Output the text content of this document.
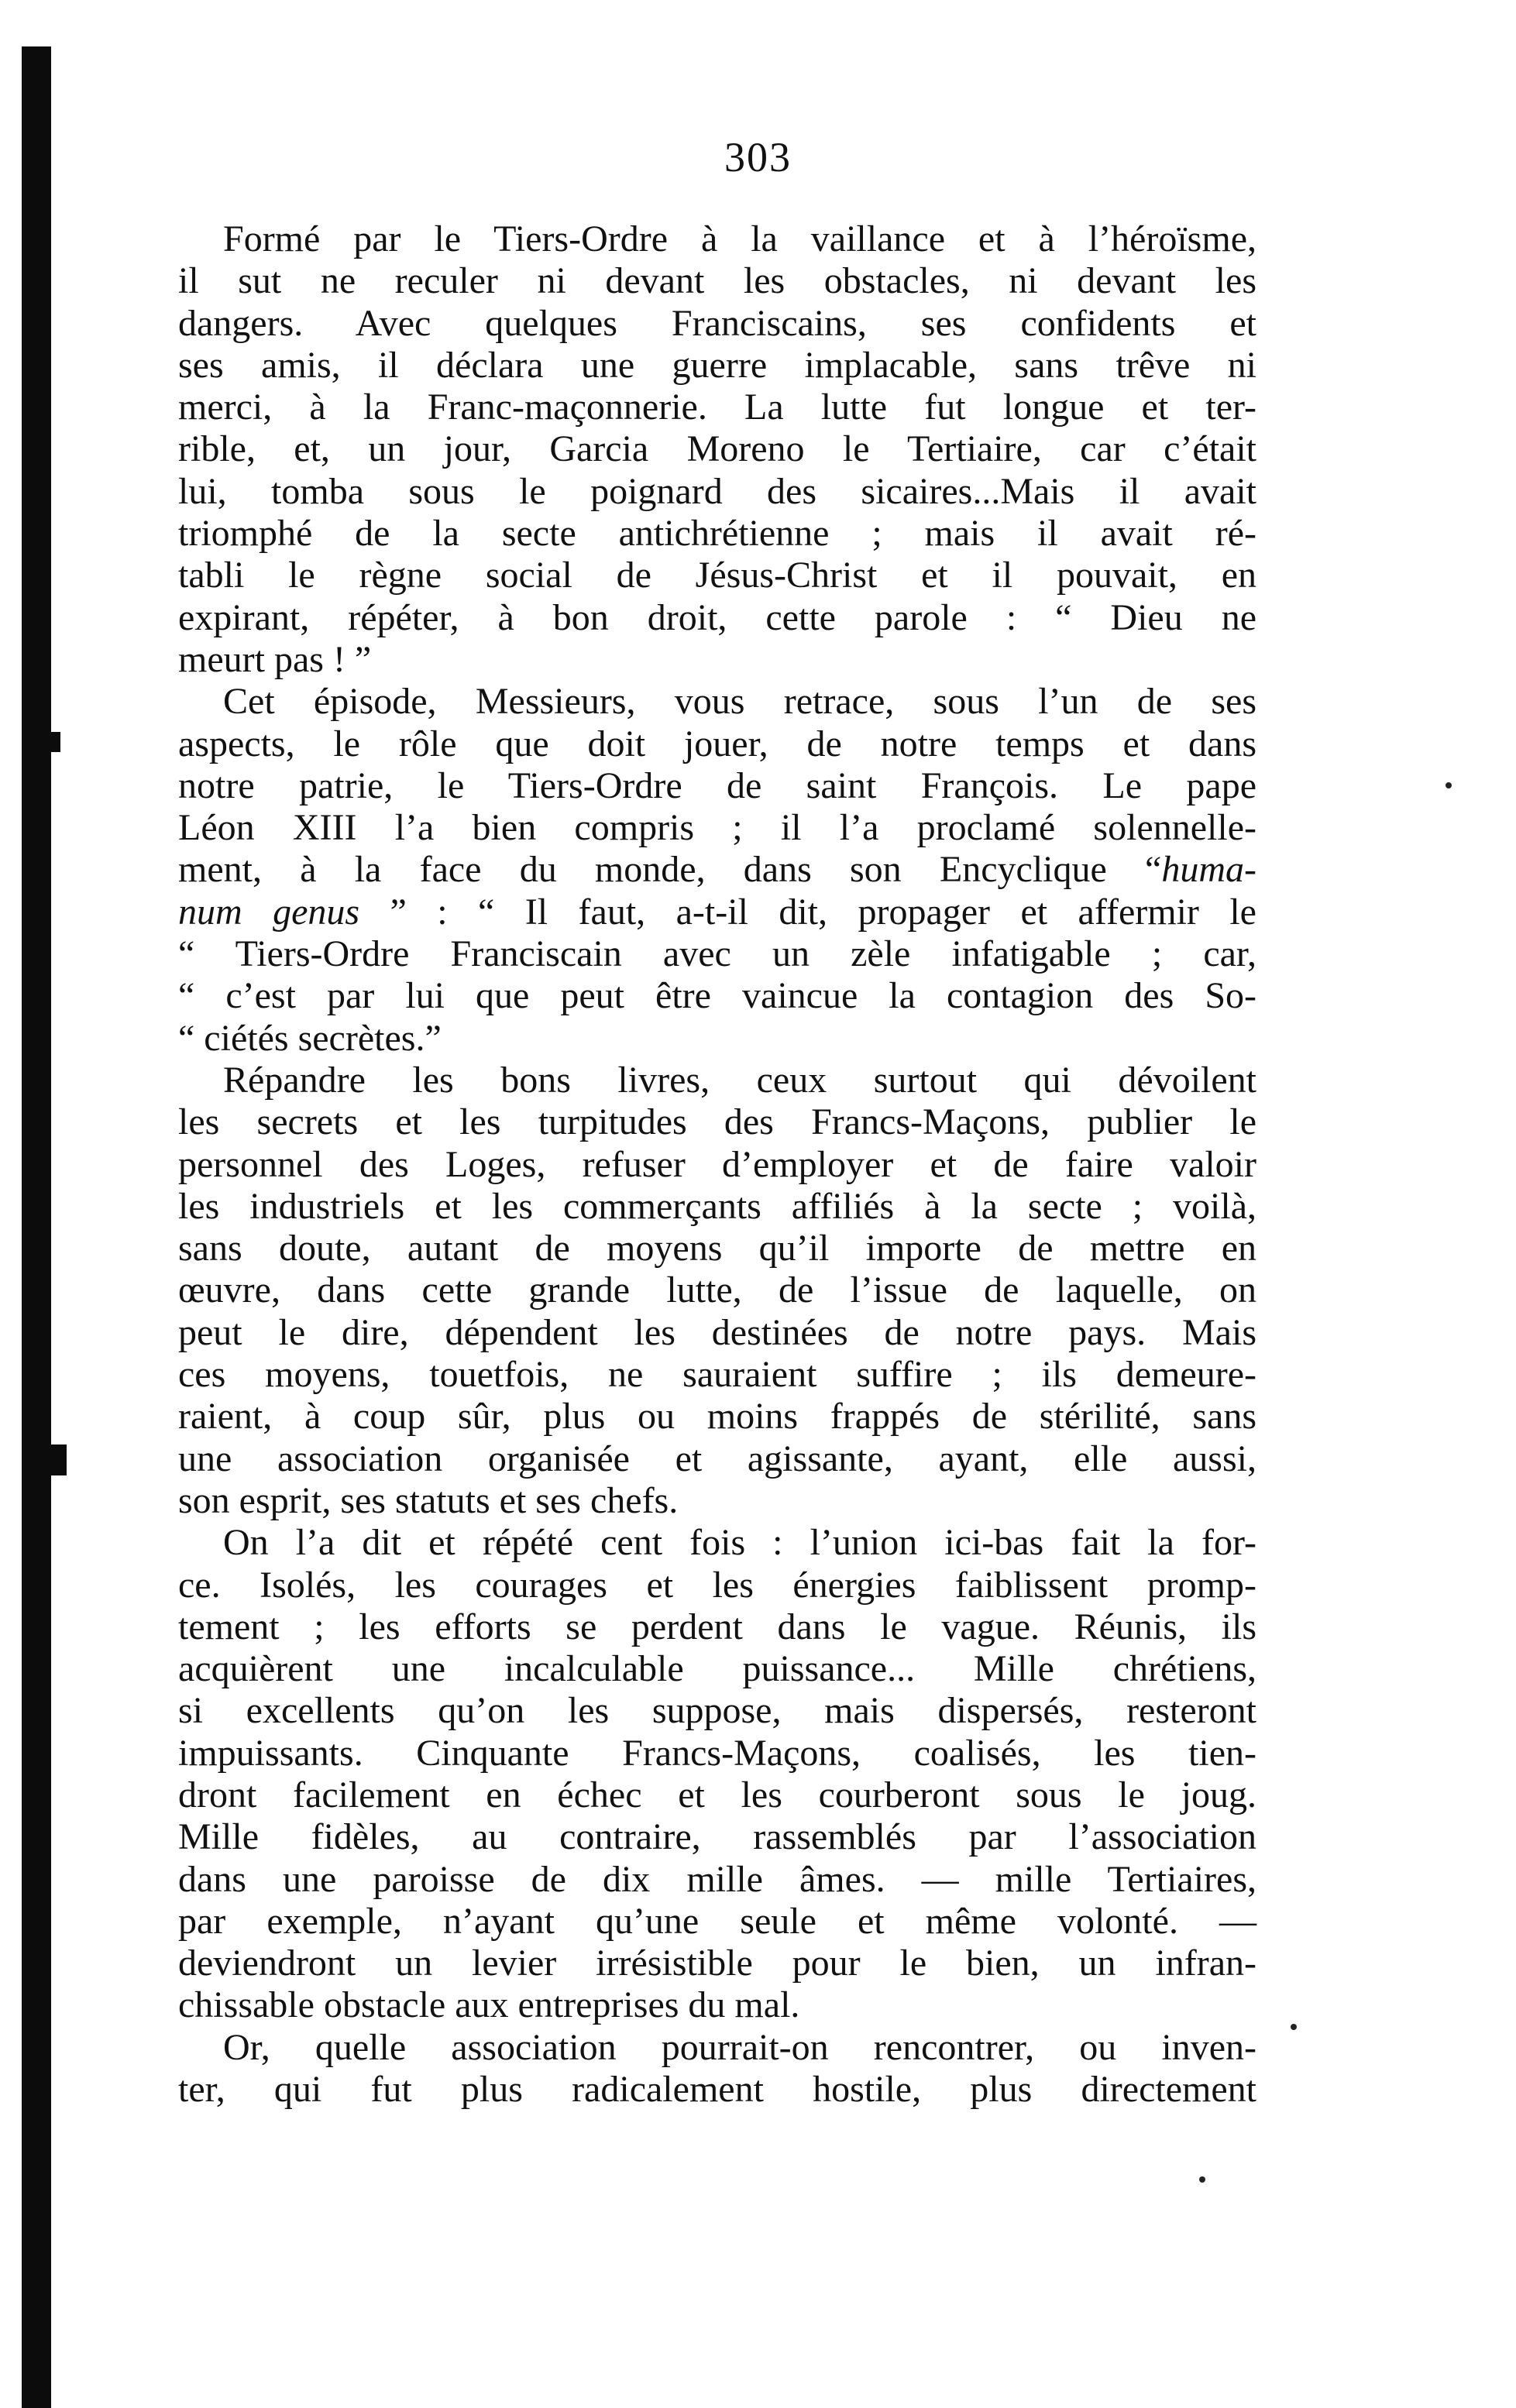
303
Formé par le Tiers-Ordre à la vaillance et à l’héroïsme,
il sut ne reculer ni devant les obstacles, ni devant les
dangers. Avec quelques Franciscains, ses confidents et
ses amis, il déclara une guerre implacable, sans trêve ni
merci, à la Franc-maçonnerie. La lutte fut longue et ter-
rible, et, un jour, Garcia Moreno le Tertiaire, car c’était
lui, tomba sous le poignard des sicaires...Mais il avait
triomphé de la secte antichrétienne ; mais il avait ré-
tabli le règne social de Jésus-Christ et il pouvait, en
expirant, répéter, à bon droit, cette parole : “ Dieu ne
meurt pas ! ”
Cet épisode, Messieurs, vous retrace, sous l’un de ses
aspects, le rôle que doit jouer, de notre temps et dans
notre patrie, le Tiers-Ordre de saint François. Le pape
Léon XIII l’a bien compris ; il l’a proclamé solennelle-
ment, à la face du monde, dans son Encyclique “huma-
num genus ” : “ Il faut, a-t-il dit, propager et affermir le
“ Tiers-Ordre Franciscain avec un zèle infatigable ; car,
“ c’est par lui que peut être vaincue la contagion des So-
“ ciétés secrètes.”
Répandre les bons livres, ceux surtout qui dévoilent
les secrets et les turpitudes des Francs-Maçons, publier le
personnel des Loges, refuser d’employer et de faire valoir
les industriels et les commerçants affiliés à la secte ; voilà,
sans doute, autant de moyens qu’il importe de mettre en
œuvre, dans cette grande lutte, de l’issue de laquelle, on
peut le dire, dépendent les destinées de notre pays. Mais
ces moyens, touetfois, ne sauraient suffire ; ils demeure-
raient, à coup sûr, plus ou moins frappés de stérilité, sans
une association organisée et agissante, ayant, elle aussi,
son esprit, ses statuts et ses chefs.
On l’a dit et répété cent fois : l’union ici-bas fait la for-
ce. Isolés, les courages et les énergies faiblissent promp-
tement ; les efforts se perdent dans le vague. Réunis, ils
acquièrent une incalculable puissance... Mille chrétiens,
si excellents qu’on les suppose, mais dispersés, resteront
impuissants. Cinquante Francs-Maçons, coalisés, les tien-
dront facilement en échec et les courberont sous le joug.
Mille fidèles, au contraire, rassemblés par l’association
dans une paroisse de dix mille âmes. — mille Tertiaires,
par exemple, n’ayant qu’une seule et même volonté. —
deviendront un levier irrésistible pour le bien, un infran-
chissable obstacle aux entreprises du mal.
Or, quelle association pourrait-on rencontrer, ou inven-
ter, qui fut plus radicalement hostile, plus directement
